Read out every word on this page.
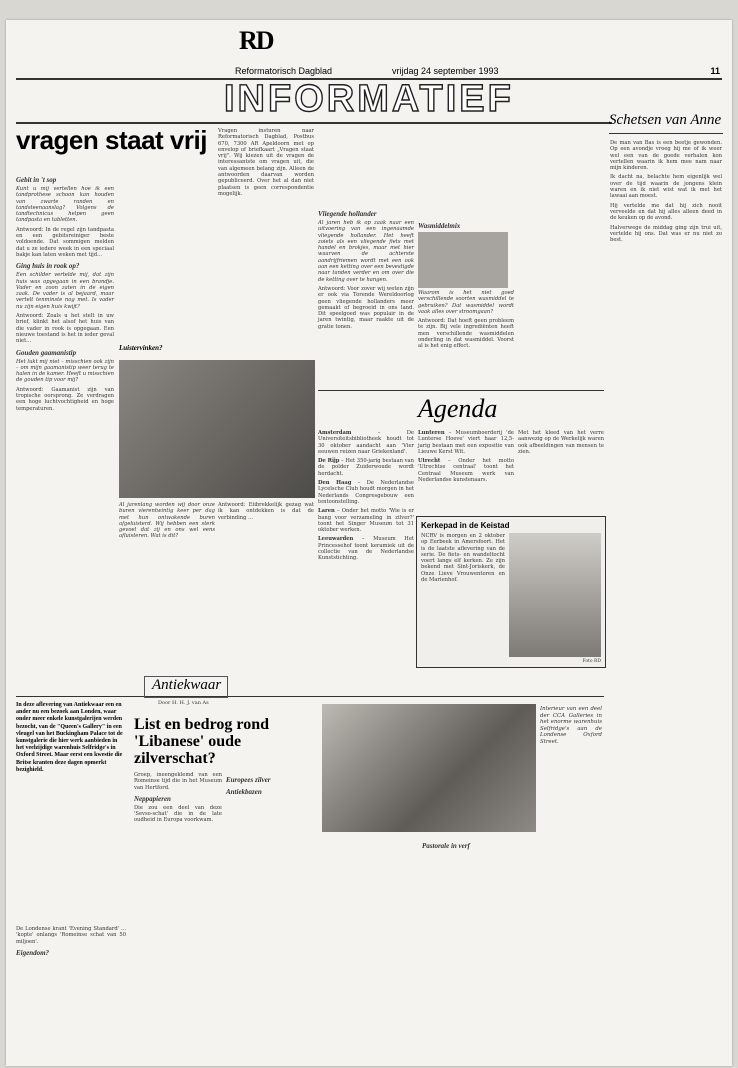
RD
Reformatorisch Dagblad	vrijdag 24 september 1993	11
INFORMATIEF	Schetsen van Anne
vragen staat vrij	Vragen insturen naar Reformatorisch Dagblad, Postbus 670, 7300 AR Apeldoorn met op envelop of briefkaart „Vragen staat vrij". Wij kiezen uit de vragen de interessantste om vragen uit, die van algemeen belang zijn. Alleen de antwoorden daarvan worden gepubliceerd. Over het al dan niet plaatsen is geen correspondentie mogelijk.
Gebit in 't sop

Kunt u mij vertellen hoe ik een tandprothese schoon kan houden van zwarte randen en tandsteenaanslag? Volgens de tandtechnicus helpen geen tandpasta en tabletten.

Antwoord: In de regel zijn tandpasta en een gebitsreiniger beste voldoende. Dat sommigen melden dat u ze iedere week in een speciaal bakje kan laten weken met tijd...

Ging huis in rook op?

Een schilder vertelde mij, dat zijn huis was opgegaan in een brandje. Vader en zoon zaten in de eigen zaak. De vader is al bejaard, maar vertelt tenminste nog met. Is vader nu zijn eigen huis kwijt?

Antwoord: Zoals u het stelt in uw brief, klinkt het alsof het huis van die vader in rook is opgegaan. Een nieuwe toestand is het in ieder geval niet...

Gouden gaamanistip

Het lukt mij niet – misschien ook zijn – om mijn gaamanistip weer terug te halen in de kamer. Heeft u misschien de gouden tip voor mij?

Antwoord: Gaamanist zijn van tropische oorsprong. Ze verdragen een hoge luchtvochtigheid en hoge temperaturen.

Luistervinken?
Al jarenlang worden wij door onze buren vierentwintig keer per dag met hun ontwakende buren afgeluisterd. Wij hebben een sterk gevoel dat zij en ons wel eens afluisteren. Wat is dit?
Antwoord: Eiibrekkelijk gezag wat ik kan ontdekken is dat de verbinding ...
Vliegende hollander

Al jaren heb ik op zaak naar een uitvoering van een ingenaamde vliegende hollander. Het heeft zoiets als een vliegende fiets met handel en brokjes, maar met hier waarven de achterste aandrijfriemen wordt met een ook aan een ketting over een bevestigde naar tanden verder en om over die de ketting over te hangen.

Antwoord: Voor zover wij weten zijn er ook via Torende Wereldoorlog geen vliegende hollanders meer gemaakt of begroeid in ons land. Dit speelgoed was populair in de jaren twintig, maar raakte uit de gratie tonen.

Wasmiddelmix

Waarom is het niet goed verschillende soorten wasmiddel te gebruiken? Dat wasmiddel wordt vaak alles over stroomgaan?

Antwoord: Dat hoeft geen probleem te zijn. Bij vele ingrediënten heeft men verschillende wasmiddelen onderling in dat wasmiddel. Voorst al is het enig effect.

Agenda

Amsterdam – De Universiteitsbibliotheek houdt tot 30 oktober aandacht aan 'Vier eeuwen reizen naar Griekenland'.

De Rijp – Het 350-jarig bestaan van de polder Zuiderwoude wordt herdacht.

Den Haag – De Nederlandse Lyceïsche Club houdt morgen in het Nederlands Congresgebouw een tentoonstelling.

Laren – Onder het motto 'Wie is er bang voor verzameling in zilver?' toont het Singer Museum tot 31 oktober werken.

Leeuwarden – Museum Het Princessehof toont keramiek uit de collectie van de Nederlandse Kunststichting.

Lunteren – Museumboerderij 'de Lunterse Hoeve' viert haar 12,5-jarig bestaan met een expositie van Lieuwe Kerst Wit.

Utrecht – Onder het motto 'Utrechtse centraal' toont het Centraal Museum werk van Nederlandse kunstenaars.

Met het kleed van het verre aanwezig op de Werkelijk waren ook afbeeldingen van mensen te zien.
Kerkepad in de Keistad
NCRV is morgen en 2 oktober op Eerbeek in Amersfoort. Het is de laatste aflevering van de serie. De fiets- en wandeltocht voert langs elf kerken. Ze zijn bekend met Sint-Joriskerk, de Onze Lieve Vrouwentoren en de Marienhof.
Foto RD

De man van Bas is een beetje gewonden. Op een avondje vroeg hij me of ik weer wel een van de goede verhalen kon vertellen waarin ik hem mee nam naar mijn kinderen.

Ik dacht na, belachte hem eigenlijk wel over de tijd waarin de jongens klein waren en ik niet wist wat ik met het lawaai aan moest.

Hij vertelde me dat hij zich nooit verveelde en dat hij alles alleen deed in de keuken op de avond.

Halverwege de middag ging zijn trui uit, vertelde hij ons. Dat was er nu niet zo best.

Antiekwaar
Door H. H. J. van As
In deze aflevering van Antiekwaar een en ander nu een bezoek aan Londen, waar onder meer enkele kunstgalerijen werden bezocht, van de "Queen's Gallery" in een vleugel van het Buckingham Palace tot de kunstgalerie die hier werk aanbieden in het veelzijdige warenhuis Selfridge's in Oxford Street. Maar eerst een kwestie die Britse kranten deze dagen opmerkt bezighield.

De Londense krant 'Evening Standard' ... 'kopte' onlangs 'Romeinse schat van 50 miljoen'.

Eigendom?
List en bedrog rond 'Libanese' oude zilverschat?

Groep, ineengeklemd van een Romeinse tijd die in het Museum van Hertford.

Neppapieren

Die zou een deel van deze 'Sevso-schat' die in de late oudheid in Europa voorkwam.

Europees zilver
Antiekbazen
Interieur van een deel der CCA Galleries in het enorme warenhuis Selfridge's aan de Londense Oxford Street.
Pastorale in verf
